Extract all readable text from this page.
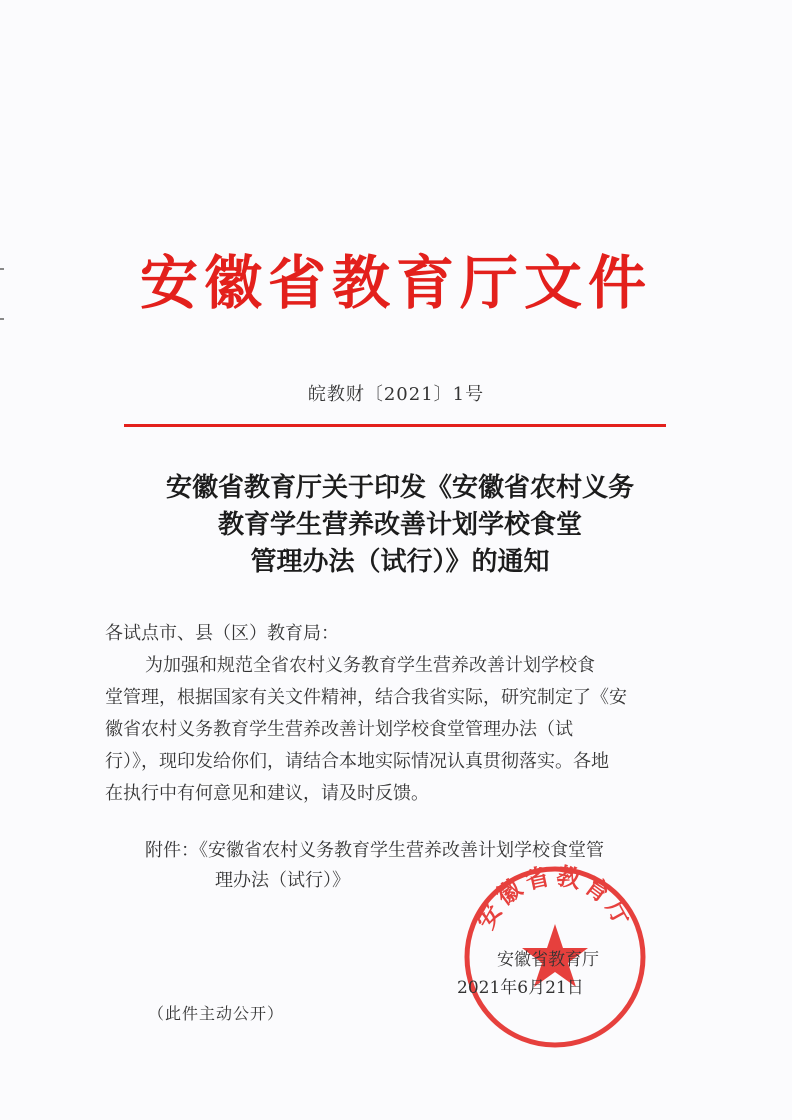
安徽省教育厅文件
皖教财〔2021〕1号
安徽省教育厅关于印发《安徽省农村义务
教育学生营养改善计划学校食堂
管理办法（试行）》的通知
各试点市、县（区）教育局：
为加强和规范全省农村义务教育学生营养改善计划学校食
堂管理，根据国家有关文件精神，结合我省实际，研究制定了《安
徽省农村义务教育学生营养改善计划学校食堂管理办法（试
行）》，现印发给你们，请结合本地实际情况认真贯彻落实。各地
在执行中有何意见和建议，请及时反馈。
附件：《安徽省农村义务教育学生营养改善计划学校食堂管
理办法（试行）》
安徽省教育厅
安徽省教育厅
2021年6月21日
（此件主动公开）
